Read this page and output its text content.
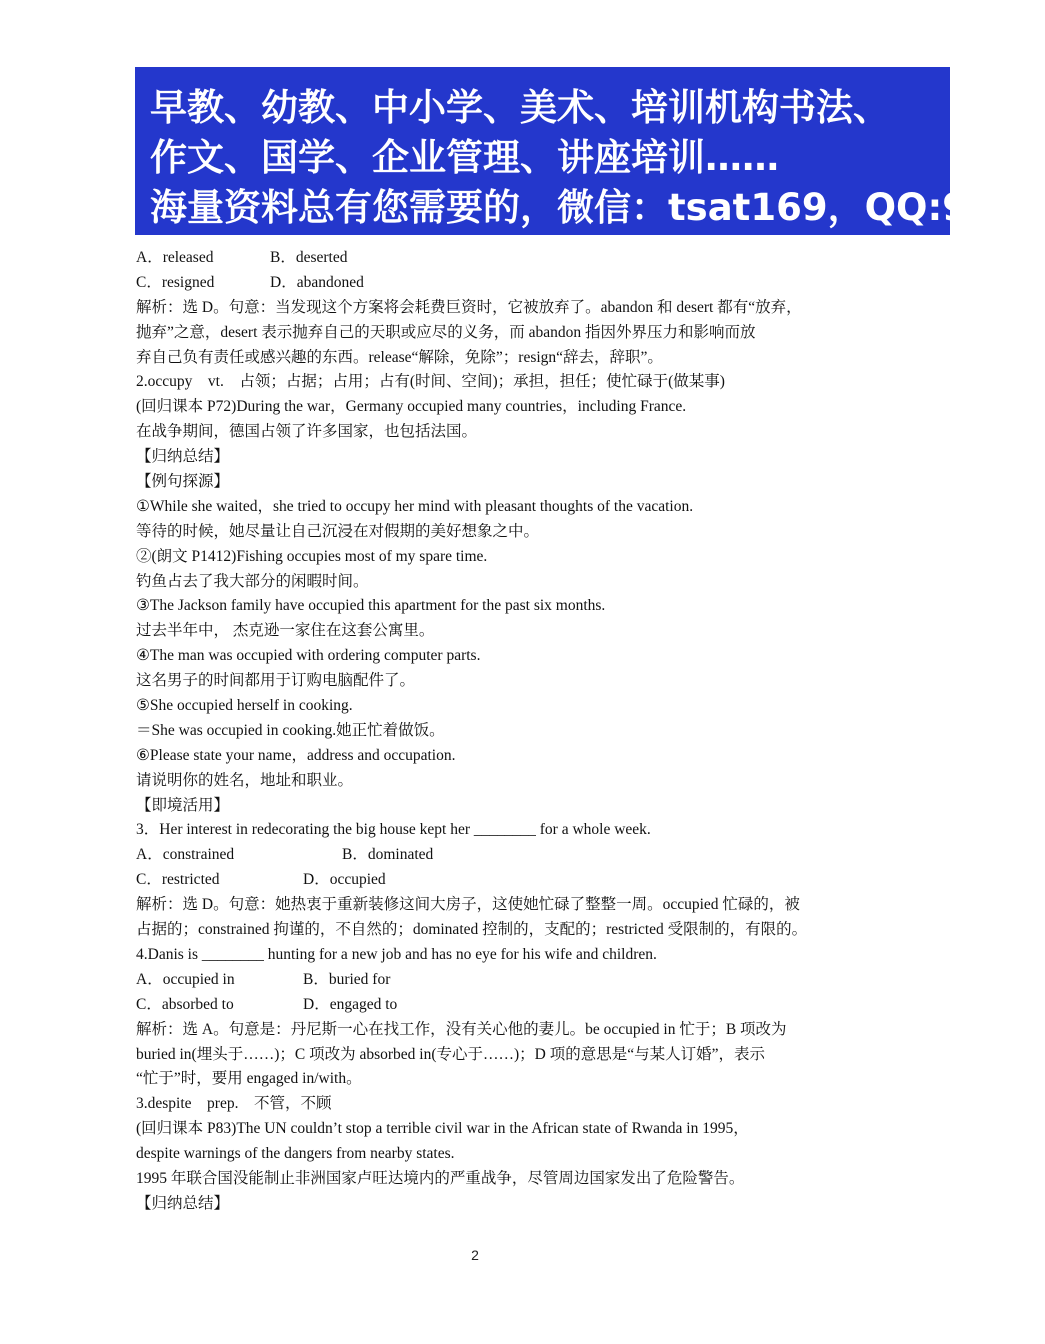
早教、幼教、中小学、美术、培训机构书法、
作文、国学、企业管理、讲座培训……
海量资料总有您需要的，微信：tsat169，QQ:9196
A．released	B．deserted
C．resigned	D．abandoned
解析：选 D。句意：当发现这个方案将会耗费巨资时，它被放弃了。abandon 和 desert 都有“放弃，
抛弃”之意，desert 表示抛弃自己的天职或应尽的义务，而 abandon 指因外界压力和影响而放
弃自己负有责任或感兴趣的东西。release“解除，免除”；resign“辞去，辞职”。
2.occupy　vt.　占领；占据；占用；占有(时间、空间)；承担，担任；使忙碌于(做某事)
(回归课本 P72)During the war，Germany occupied many countries，including France.
在战争期间，德国占领了许多国家，也包括法国。
【归纳总结】
【例句探源】
①While she waited，she tried to occupy her mind with pleasant thoughts of the vacation.
等待的时候，她尽量让自己沉浸在对假期的美好想象之中。
②(朗文 P1412)Fishing occupies most of my spare time.
钓鱼占去了我大部分的闲暇时间。
③The Jackson family have occupied this apartment for the past six months.
过去半年中， 杰克逊一家住在这套公寓里。
④The man was occupied with ordering computer parts.
这名男子的时间都用于订购电脑配件了。
⑤She occupied herself in cooking.
＝She was occupied in cooking.她正忙着做饭。
⑥Please state your name，address and occupation.
请说明你的姓名，地址和职业。
【即境活用】
3．Her interest in redecorating the big house kept her ________ for a whole week.
A．constrained	B．dominated
C．restricted	D．occupied
解析：选 D。句意：她热衷于重新装修这间大房子，这使她忙碌了整整一周。occupied 忙碌的，被
占据的；constrained 拘谨的，不自然的；dominated 控制的，支配的；restricted 受限制的，有限的。
4.Danis is ________ hunting for a new job and has no eye for his wife and children.
A．occupied in	B．buried for
C．absorbed to	D．engaged to
解析：选 A。句意是：丹尼斯一心在找工作，没有关心他的妻儿。be occupied in 忙于；B 项改为
buried in(埋头于……)；C 项改为 absorbed in(专心于……)；D 项的意思是“与某人订婚”，表示
“忙于”时，要用 engaged in/with。
3.despite　prep.　不管，不顾
(回归课本 P83)The UN couldn’t stop a terrible civil war in the African state of Rwanda in 1995，
despite warnings of the dangers from nearby states.
1995 年联合国没能制止非洲国家卢旺达境内的严重战争，尽管周边国家发出了危险警告。
【归纳总结】
2
